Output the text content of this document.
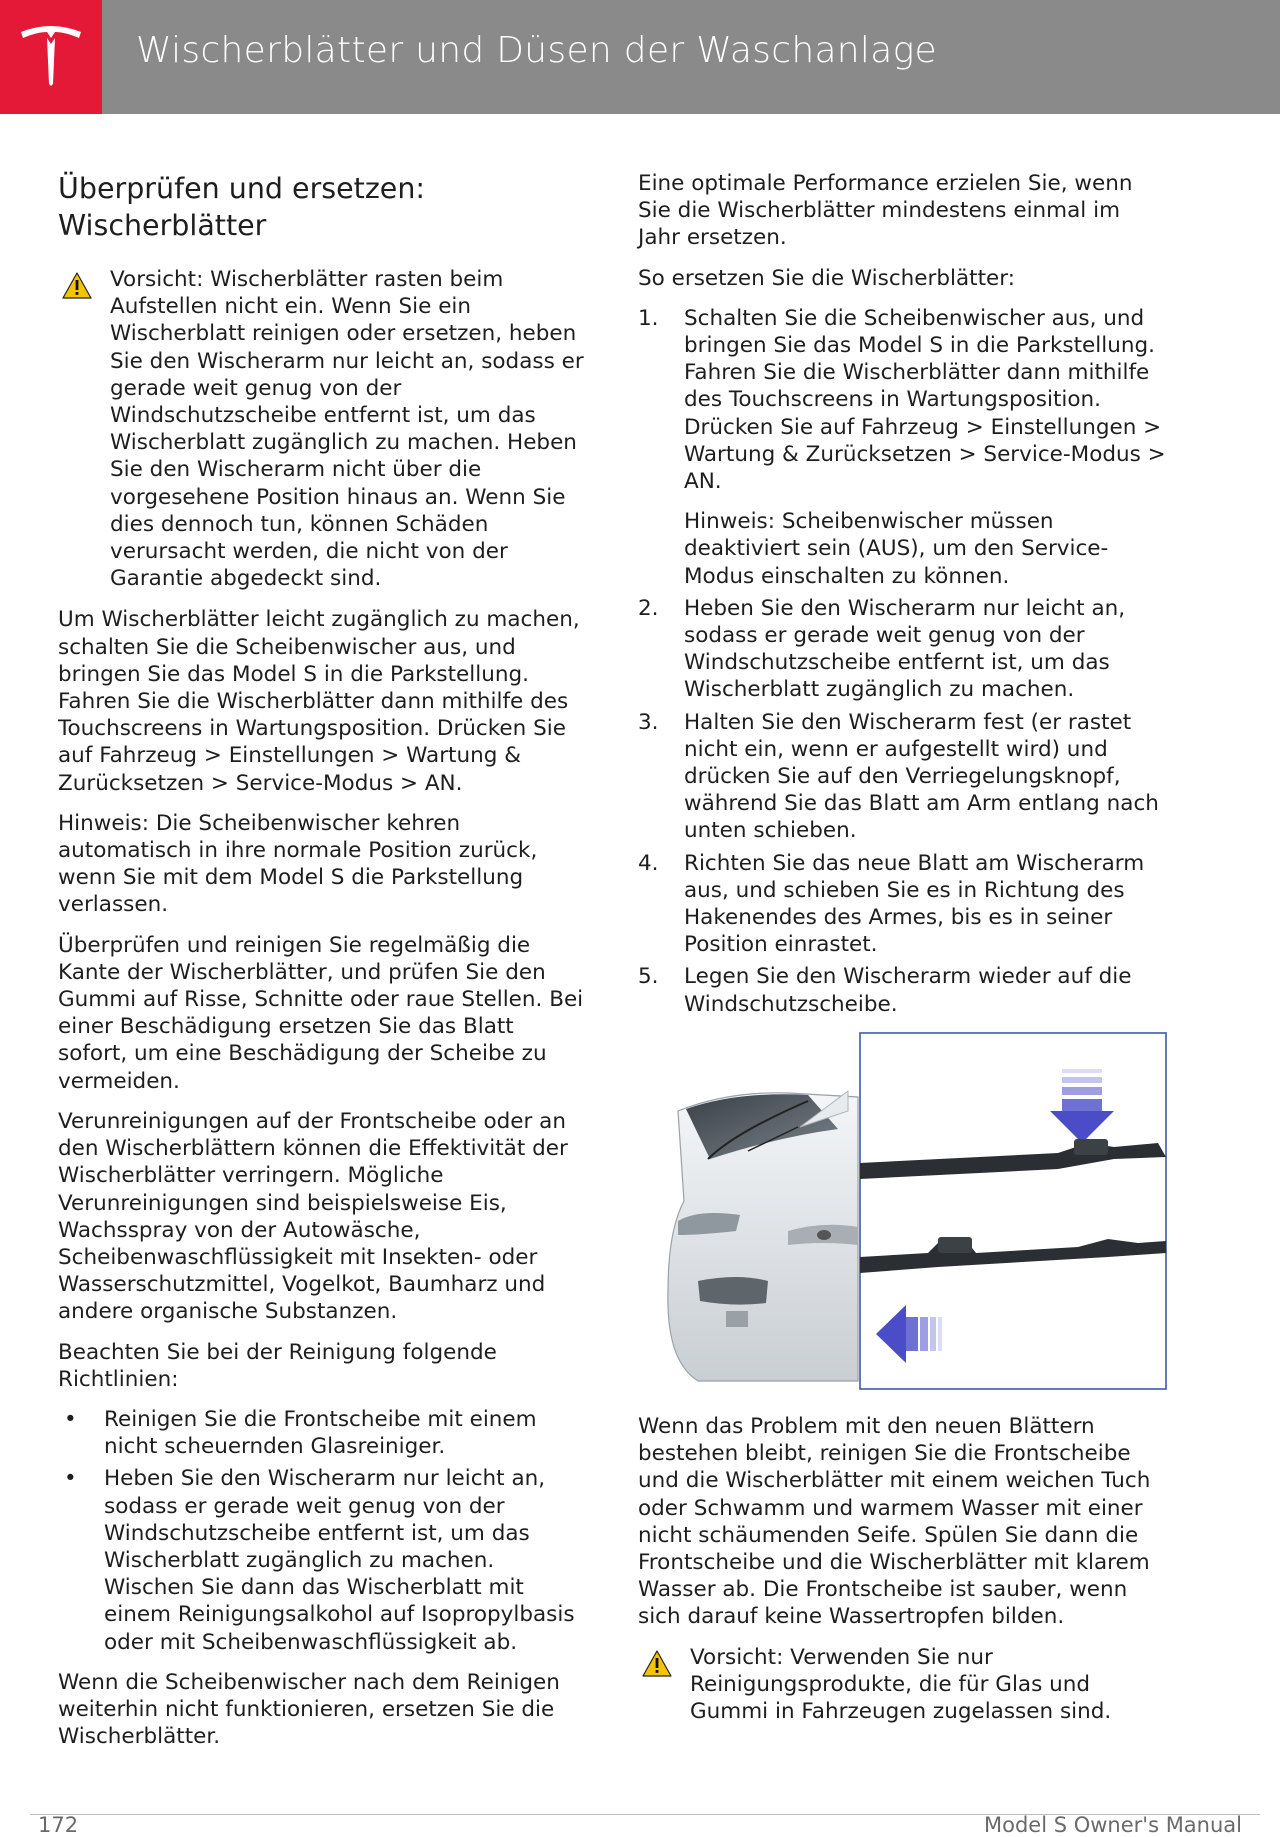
Wischerblätter und Düsen der Waschanlage
Überprüfen und ersetzen: Wischerblätter
Vorsicht: Wischerblätter rasten beim Aufstellen nicht ein. Wenn Sie ein Wischerblatt reinigen oder ersetzen, heben Sie den Wischerarm nur leicht an, sodass er gerade weit genug von der Windschutzscheibe entfernt ist, um das Wischerblatt zugänglich zu machen. Heben Sie den Wischerarm nicht über die vorgesehene Position hinaus an. Wenn Sie dies dennoch tun, können Schäden verursacht werden, die nicht von der Garantie abgedeckt sind.

Um Wischerblätter leicht zugänglich zu machen, schalten Sie die Scheibenwischer aus, und bringen Sie das Model S in die Parkstellung. Fahren Sie die Wischerblätter dann mithilfe des Touchscreens in Wartungsposition. Drücken Sie auf Fahrzeug > Einstellungen > Wartung & Zurücksetzen > Service-Modus > AN.

Hinweis: Die Scheibenwischer kehren automatisch in ihre normale Position zurück, wenn Sie mit dem Model S die Parkstellung verlassen.

Überprüfen und reinigen Sie regelmäßig die Kante der Wischerblätter, und prüfen Sie den Gummi auf Risse, Schnitte oder raue Stellen. Bei einer Beschädigung ersetzen Sie das Blatt sofort, um eine Beschädigung der Scheibe zu vermeiden.

Verunreinigungen auf der Frontscheibe oder an den Wischerblättern können die Effektivität der Wischerblätter verringern. Mögliche Verunreinigungen sind beispielsweise Eis, Wachsspray von der Autowäsche, Scheibenwaschflüssigkeit mit Insekten- oder Wasserschutzmittel, Vogelkot, Baumharz und andere organische Substanzen.

Beachten Sie bei der Reinigung folgende Richtlinien:

• Reinigen Sie die Frontscheibe mit einem nicht scheuernden Glasreiniger.
• Heben Sie den Wischerarm nur leicht an, sodass er gerade weit genug von der Windschutzscheibe entfernt ist, um das Wischerblatt zugänglich zu machen. Wischen Sie dann das Wischerblatt mit einem Reinigungsalkohol auf Isopropylbasis oder mit Scheibenwaschflüssigkeit ab.

Wenn die Scheibenwischer nach dem Reinigen weiterhin nicht funktionieren, ersetzen Sie die Wischerblätter.

Eine optimale Performance erzielen Sie, wenn Sie die Wischerblätter mindestens einmal im Jahr ersetzen.

So ersetzen Sie die Wischerblätter:

1. Schalten Sie die Scheibenwischer aus, und bringen Sie das Model S in die Parkstellung. Fahren Sie die Wischerblätter dann mithilfe des Touchscreens in Wartungsposition. Drücken Sie auf Fahrzeug > Einstellungen > Wartung & Zurücksetzen > Service-Modus > AN.
Hinweis: Scheibenwischer müssen deaktiviert sein (AUS), um den Service-Modus einschalten zu können.
2. Heben Sie den Wischerarm nur leicht an, sodass er gerade weit genug von der Windschutzscheibe entfernt ist, um das Wischerblatt zugänglich zu machen.
3. Halten Sie den Wischerarm fest (er rastet nicht ein, wenn er aufgestellt wird) und drücken Sie auf den Verriegelungsknopf, während Sie das Blatt am Arm entlang nach unten schieben.
4. Richten Sie das neue Blatt am Wischerarm aus, und schieben Sie es in Richtung des Hakenendes des Armes, bis es in seiner Position einrastet.
5. Legen Sie den Wischerarm wieder auf die Windschutzscheibe.

Wenn das Problem mit den neuen Blättern bestehen bleibt, reinigen Sie die Frontscheibe und die Wischerblätter mit einem weichen Tuch oder Schwamm und warmem Wasser mit einer nicht schäumenden Seife. Spülen Sie dann die Frontscheibe und die Wischerblätter mit klarem Wasser ab. Die Frontscheibe ist sauber, wenn sich darauf keine Wassertropfen bilden.

Vorsicht: Verwenden Sie nur Reinigungsprodukte, die für Glas und Gummi in Fahrzeugen zugelassen sind.
172	Model S Owner's Manual
